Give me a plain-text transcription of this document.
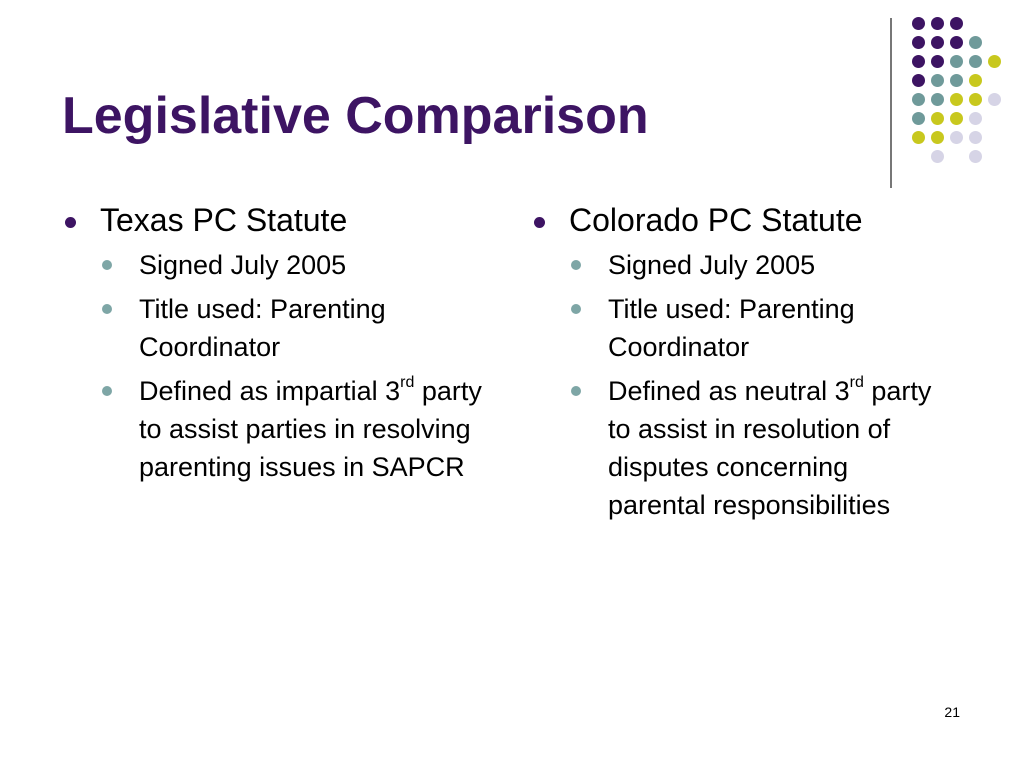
Legislative Comparison
Texas PC Statute
Signed July 2005
Title used: Parenting Coordinator
Defined as impartial 3rd party to assist parties in resolving parenting issues in SAPCR
Colorado PC Statute
Signed July 2005
Title used: Parenting Coordinator
Defined as neutral 3rd party to assist in resolution of disputes concerning parental responsibilities
21
